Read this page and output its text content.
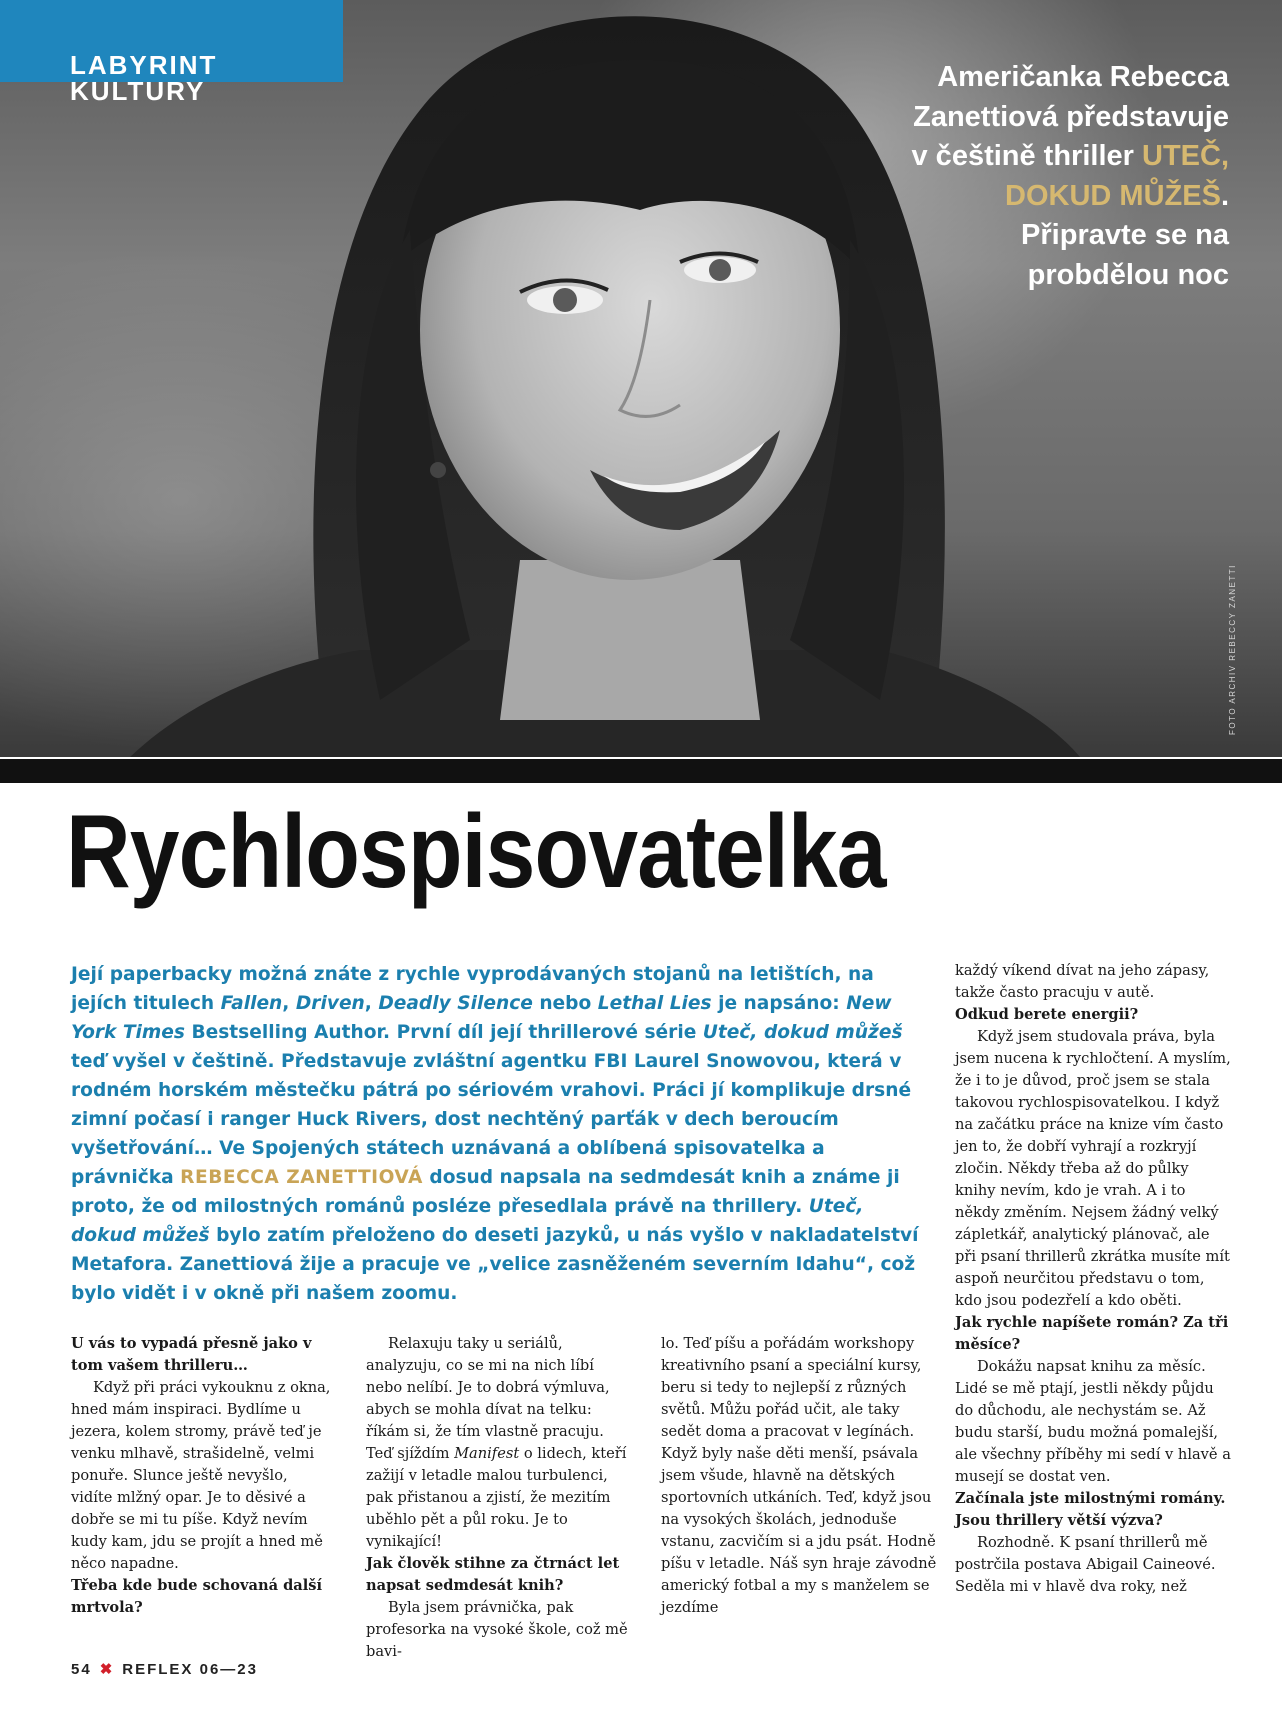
LABYRINT KULTURY	Američanka Rebecca Zanettiová představuje v češtině thriller UTEČ, DOKUD MŮŽEŠ. Připravte se na probdělou noc
FOTO ARCHIV REBECCY ZANETTI
Rychlospisovatelka

Její paperbacky možná znáte z rychle vyprodávaných stojanů na letištích, na jejích titulech Fallen, Driven, Deadly Silence nebo Lethal Lies je napsáno: New York Times Bestselling Author. První díl její thrillerové série Uteč, dokud můžeš teď vyšel v češtině. Představuje zvláštní agentku FBI Laurel Snowovou, která v rodném horském městečku pátrá po sériovém vrahovi. Práci jí komplikuje drsné zimní počasí i ranger Huck Rivers, dost nechtěný parťák v dech beroucím vyšetřování… Ve Spojených státech uznávaná a oblíbená spisovatelka a právnička REBECCA ZANETTIOVÁ dosud napsala na sedmdesát knih a známe ji proto, že od milostných románů posléze přesedlala právě na thrillery. Uteč, dokud můžeš bylo zatím přeloženo do deseti jazyků, u nás vyšlo v nakladatelství Metafora. Zanettiová žije a pracuje ve „velice zasněženém severním Idahu“, což bylo vidět i v okně při našem zoomu.

U vás to vypadá přesně jako v tom vašem thrilleru…

Když při práci vykouknu z okna, hned mám inspiraci. Bydlíme u jezera, kolem stromy, právě teď je venku mlhavě, strašidelně, velmi ponuře. Slunce ještě nevyšlo, vidíte mlžný opar. Je to děsivé a dobře se mi tu píše. Když nevím kudy kam, jdu se projít a hned mě něco napadne.

Třeba kde bude schovaná další mrtvola?

Relaxuju taky u seriálů, analyzuju, co se mi na nich líbí nebo nelíbí. Je to dobrá výmluva, abych se mohla dívat na telku: říkám si, že tím vlastně pracuju. Teď sjíždím Manifest o lidech, kteří zažijí v letadle malou turbulenci, pak přistanou a zjistí, že mezitím uběhlo pět a půl roku. Je to vynikající!

Jak člověk stihne za čtrnáct let napsat sedmdesát knih?

Byla jsem právnička, pak profesorka na vysoké škole, což mě bavi-

lo. Teď píšu a pořádám workshopy kreativního psaní a speciální kursy, beru si tedy to nejlepší z různých světů. Můžu pořád učit, ale taky sedět doma a pracovat v legínách. Když byly naše děti menší, psávala jsem všude, hlavně na dětských sportovních utkáních. Teď, když jsou na vysokých školách, jednoduše vstanu, zacvičím si a jdu psát. Hodně píšu v letadle. Náš syn hraje závodně americký fotbal a my s manželem se jezdíme

každý víkend dívat na jeho zápasy, takže často pracuju v autě.

Odkud berete energii?

Když jsem studovala práva, byla jsem nucena k rychločtení. A myslím, že i to je důvod, proč jsem se stala takovou rychlospisovatelkou. I když na začátku práce na knize vím často jen to, že dobří vyhrají a rozkryjí zločin. Někdy třeba až do půlky knihy nevím, kdo je vrah. A i to někdy změním. Nejsem žádný velký zápletkář, analytický plánovač, ale při psaní thrillerů zkrátka musíte mít aspoň neurčitou představu o tom, kdo jsou podezřelí a kdo oběti.

Jak rychle napíšete román? Za tři měsíce?

Dokážu napsat knihu za měsíc. Lidé se mě ptají, jestli někdy půjdu do důchodu, ale nechystám se. Až budu starší, budu možná pomalejší, ale všechny příběhy mi sedí v hlavě a musejí se dostat ven.

Začínala jste milostnými romány. Jsou thrillery větší výzva?

Rozhodně. K psaní thrillerů mě postrčila postava Abigail Caineové. Seděla mi v hlavě dva roky, než

54 ✖ REFLEX 06—23
